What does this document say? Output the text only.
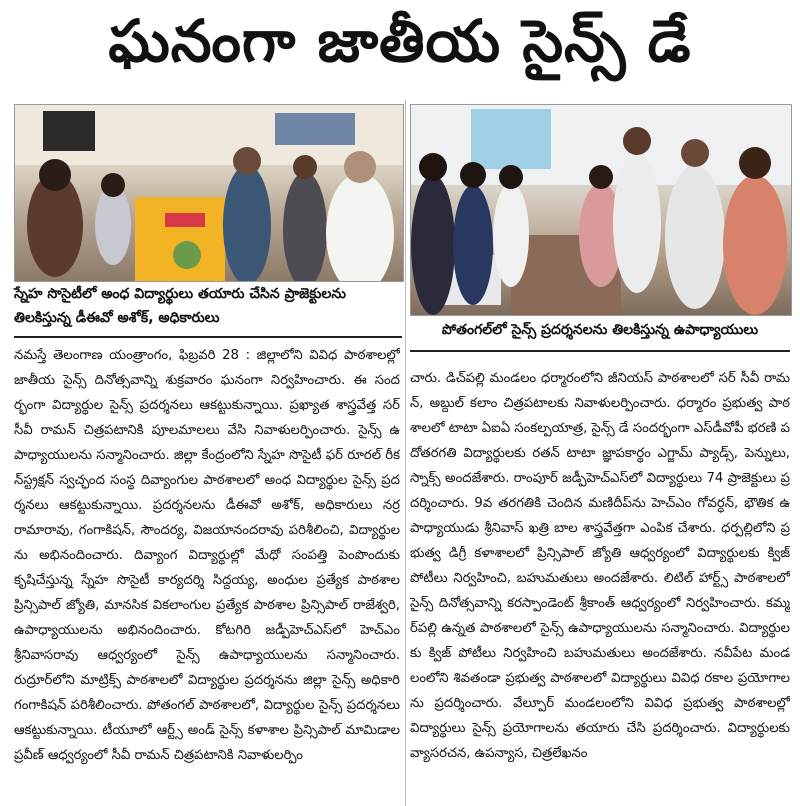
ఘనంగా జాతీయ సైన్స్ డే
స్నేహ సొసైటీలో అంధ విద్యార్థులు తయారు చేసిన ప్రాజెక్టులను
తిలకిస్తున్న డీఈవో అశోక్, అధికారులు
పోతంగల్‌లో సైన్స్ ప్రదర్శనలను తిలకిస్తున్న ఉపాధ్యాయులు
నమస్తే తెలంగాణ యంత్రాంగం, ఫిబ్రవరి 28 : జిల్లాలోని వివిధ పాఠశాలల్లో జాతీయ సైన్స్ దినోత్సవాన్ని శుక్రవారం ఘనంగా నిర్వహించారు. ఈ సందర్భంగా విద్యార్థుల సైన్స్ ప్రదర్శనలు ఆకట్టుకున్నాయి. ప్రఖ్యాత శాస్త్రవేత్త సర్ సీవీ రామన్ చిత్రపటానికి పూలమాలలు వేసి నివాళులర్పించారు. సైన్స్ ఉపాధ్యాయులను సన్మానించారు. జిల్లా కేంద్రంలోని స్నేహ సొసైటీ ఫర్ రూరల్ రీకన్‌స్ట్రక్షన్ స్వచ్ఛంద సంస్థ దివ్యాంగుల పాఠశాలలో అంధ విద్యార్థుల సైన్స్ ప్రదర్శనలు ఆకట్టుకున్నాయి. ప్రదర్శనలను డీఈవో అశోక్, అధికారులు నర్ర రామారావు, గంగాకిషన్, సౌందర్య, విజయానందరావు పరిశీలించి, విద్యార్థులను అభినందించారు. దివ్యాంగ విద్యార్థుల్లో మేధో సంపత్తి పెంపొందుకు కృషిచేస్తున్న స్నేహ సొసైటీ కార్యదర్శి సిద్దయ్య, అంధుల ప్రత్యేక పాఠశాల ప్రిన్సిపాల్ జ్యోతి, మానసిక వికలాంగుల ప్రత్యేక పాఠశాల ప్రిన్సిపాల్ రాజేశ్వరి, ఉపాధ్యాయులను అభినందించారు. కోటగిరి జడ్పీహెచ్‌ఎస్‌లో హెచ్‌ఎం శ్రీనివాసరావు ఆధ్వర్యంలో సైన్స్ ఉపాధ్యాయులను సన్మానించారు. రుద్రూర్‌లోని మాట్రిక్స్ పాఠశాలలో విద్యార్థుల ప్రదర్శనను జిల్లా సైన్స్ అధికారి గంగాకిషన్ పరిశీలించారు. పోతంగల్ పాఠశాలలో, విద్యార్థుల సైన్స్ ప్రదర్శనలు ఆకట్టుకున్నాయి. టీయూలో ఆర్ట్స్ అండ్ సైన్స్ కళాశాల ప్రిన్సిపాల్ మామిడాల ప్రవీణ్ ఆధ్వర్యంలో సీవీ రామన్ చిత్రపటానికి నివాళులర్పిం
చారు. డిచ్‌పల్లి మండలం ధర్మారంలోని జీనియస్ పాఠశాలలో సర్ సీవీ రామన్, అబ్దుల్ కలాం చిత్రపటాలకు నివాళులర్పించారు. ధర్మారం ప్రభుత్వ పాఠశాలలో టాటా ఏఐఏ సంకల్పయాత్ర, సైన్స్ డే సందర్భంగా ఎస్‌డీవోపీ భరణి పదోతరగతి విద్యార్థులకు రతన్ టాటా జ్ఞాపకార్థం ఎగ్జామ్ ప్యాడ్స్, పెన్నులు, స్నాక్స్ అందజేశారు. రాంపూర్ జడ్పీహెచ్‌ఎస్‌లో విద్యార్థులు 74 ప్రాజెక్టులు ప్రదర్శించారు. 9వ తరగతికి చెందిన మణిదీప్‌ను హెచ్‌ఎం గోవర్ధన్, భౌతిక ఉపాధ్యాయుడు శ్రీనివాస్ ఖత్రి బాల శాస్త్రవేత్తగా ఎంపిక చేశారు. ధర్పల్లిలోని ప్రభుత్వ డిగ్రీ కళాశాలలో ప్రిన్సిపాల్ జ్యోతి ఆధ్వర్యంలో విద్యార్థులకు క్విజ్ పోటీలు నిర్వహించి, బహుమతులు అందజేశారు. లిటిల్ హార్ట్స్ పాఠశాలలో సైన్స్ దినోత్సవాన్ని కరస్పాండెంట్ శ్రీకాంత్ ఆధ్వర్యంలో నిర్వహించారు. కమ్మర్‌పల్లి ఉన్నత పాఠశాలలో సైన్స్ ఉపాధ్యాయులను సన్మానించారు. విద్యార్థులకు క్విజ్ పోటీలు నిర్వహించి బహుమతులు అందజేశారు. నవీపేట మండలంలోని శివతండా ప్రభుత్వ పాఠశాలలో విద్యార్థులు వివిధ రకాల ప్రయోగాలను ప్రదర్శించారు. వేల్పూర్ మండలంలోని వివిధ ప్రభుత్వ పాఠశాలల్లో విద్యార్థులు సైన్స్ ప్రయోగాలను తయారు చేసి ప్రదర్శించారు. విద్యార్థులకు వ్యాసరచన, ఉపన్యాస, చిత్రలేఖనం
